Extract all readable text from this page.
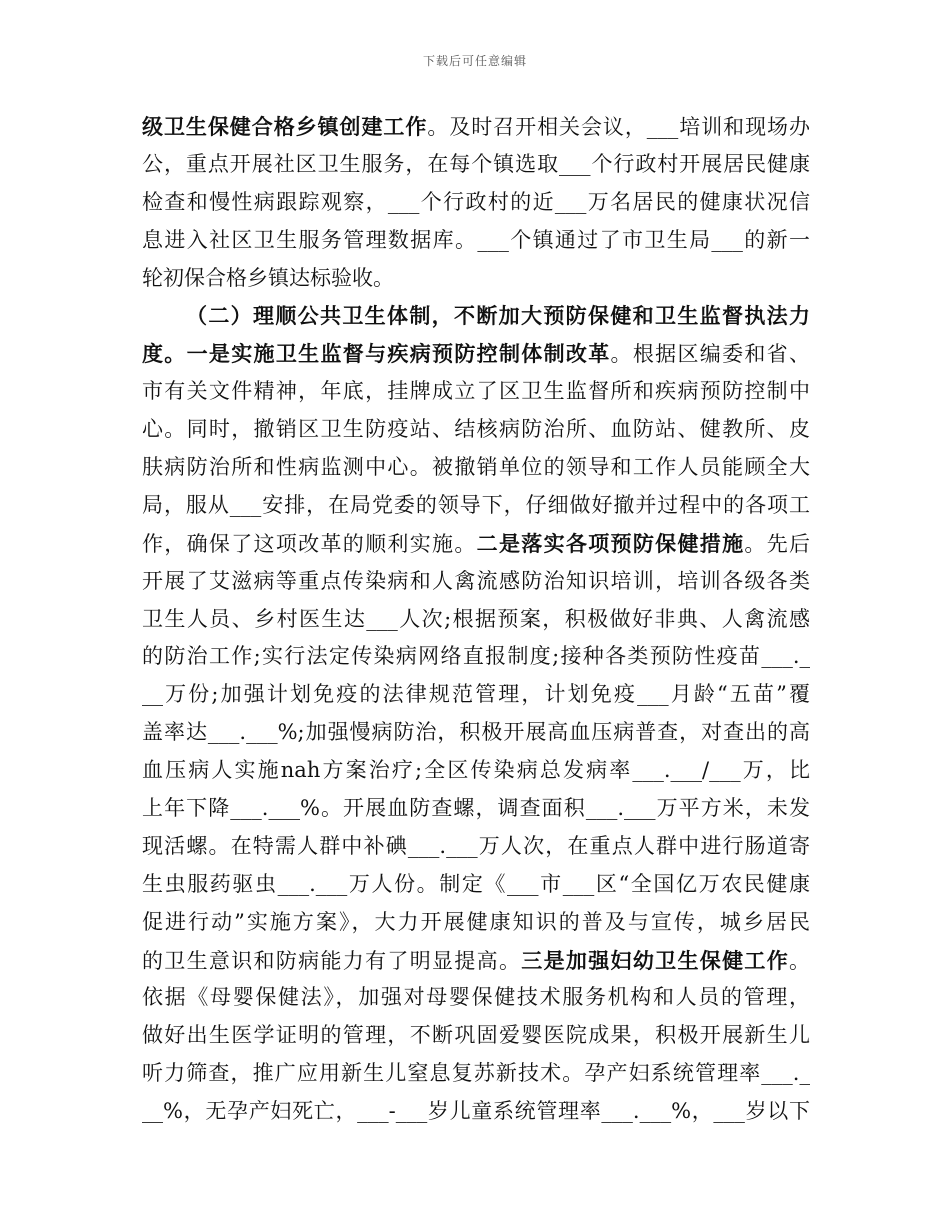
下载后可任意编辑
级卫生保健合格乡镇创建工作。及时召开相关会议，___培训和现场办
公，重点开展社区卫生服务，在每个镇选取___个行政村开展居民健康
检查和慢性病跟踪观察，___个行政村的近___万名居民的健康状况信
息进入社区卫生服务管理数据库。___个镇通过了市卫生局___的新一
轮初保合格乡镇达标验收。
（二）理顺公共卫生体制，不断加大预防保健和卫生监督执法力
度。一是实施卫生监督与疾病预防控制体制改革。根据区编委和省、
市有关文件精神，年底，挂牌成立了区卫生监督所和疾病预防控制中
心。同时，撤销区卫生防疫站、结核病防治所、血防站、健教所、皮
肤病防治所和性病监测中心。被撤销单位的领导和工作人员能顾全大
局，服从___安排，在局党委的领导下，仔细做好撤并过程中的各项工
作，确保了这项改革的顺利实施。二是落实各项预防保健措施。先后
开展了艾滋病等重点传染病和人禽流感防治知识培训，培训各级各类
卫生人员、乡村医生达___人次;根据预案，积极做好非典、人禽流感
的防治工作;实行法定传染病网络直报制度;接种各类预防性疫苗___._
__万份;加强计划免疫的法律规范管理，计划免疫___月龄“五苗”覆
盖率达___.___%;加强慢病防治，积极开展高血压病普查，对查出的高
血压病人实施nah方案治疗;全区传染病总发病率___.___/___万，比
上年下降___.___%。开展血防查螺，调查面积___.___万平方米，未发
现活螺。在特需人群中补碘___.___万人次，在重点人群中进行肠道寄
生虫服药驱虫___.___万人份。制定《___市___区“全国亿万农民健康
促进行动”实施方案》，大力开展健康知识的普及与宣传，城乡居民
的卫生意识和防病能力有了明显提高。三是加强妇幼卫生保健工作。
依据《母婴保健法》，加强对母婴保健技术服务机构和人员的管理，
做好出生医学证明的管理，不断巩固爱婴医院成果，积极开展新生儿
听力筛查，推广应用新生儿窒息复苏新技术。孕产妇系统管理率___._
__%，无孕产妇死亡，___-___岁儿童系统管理率___.___%，___岁以下
